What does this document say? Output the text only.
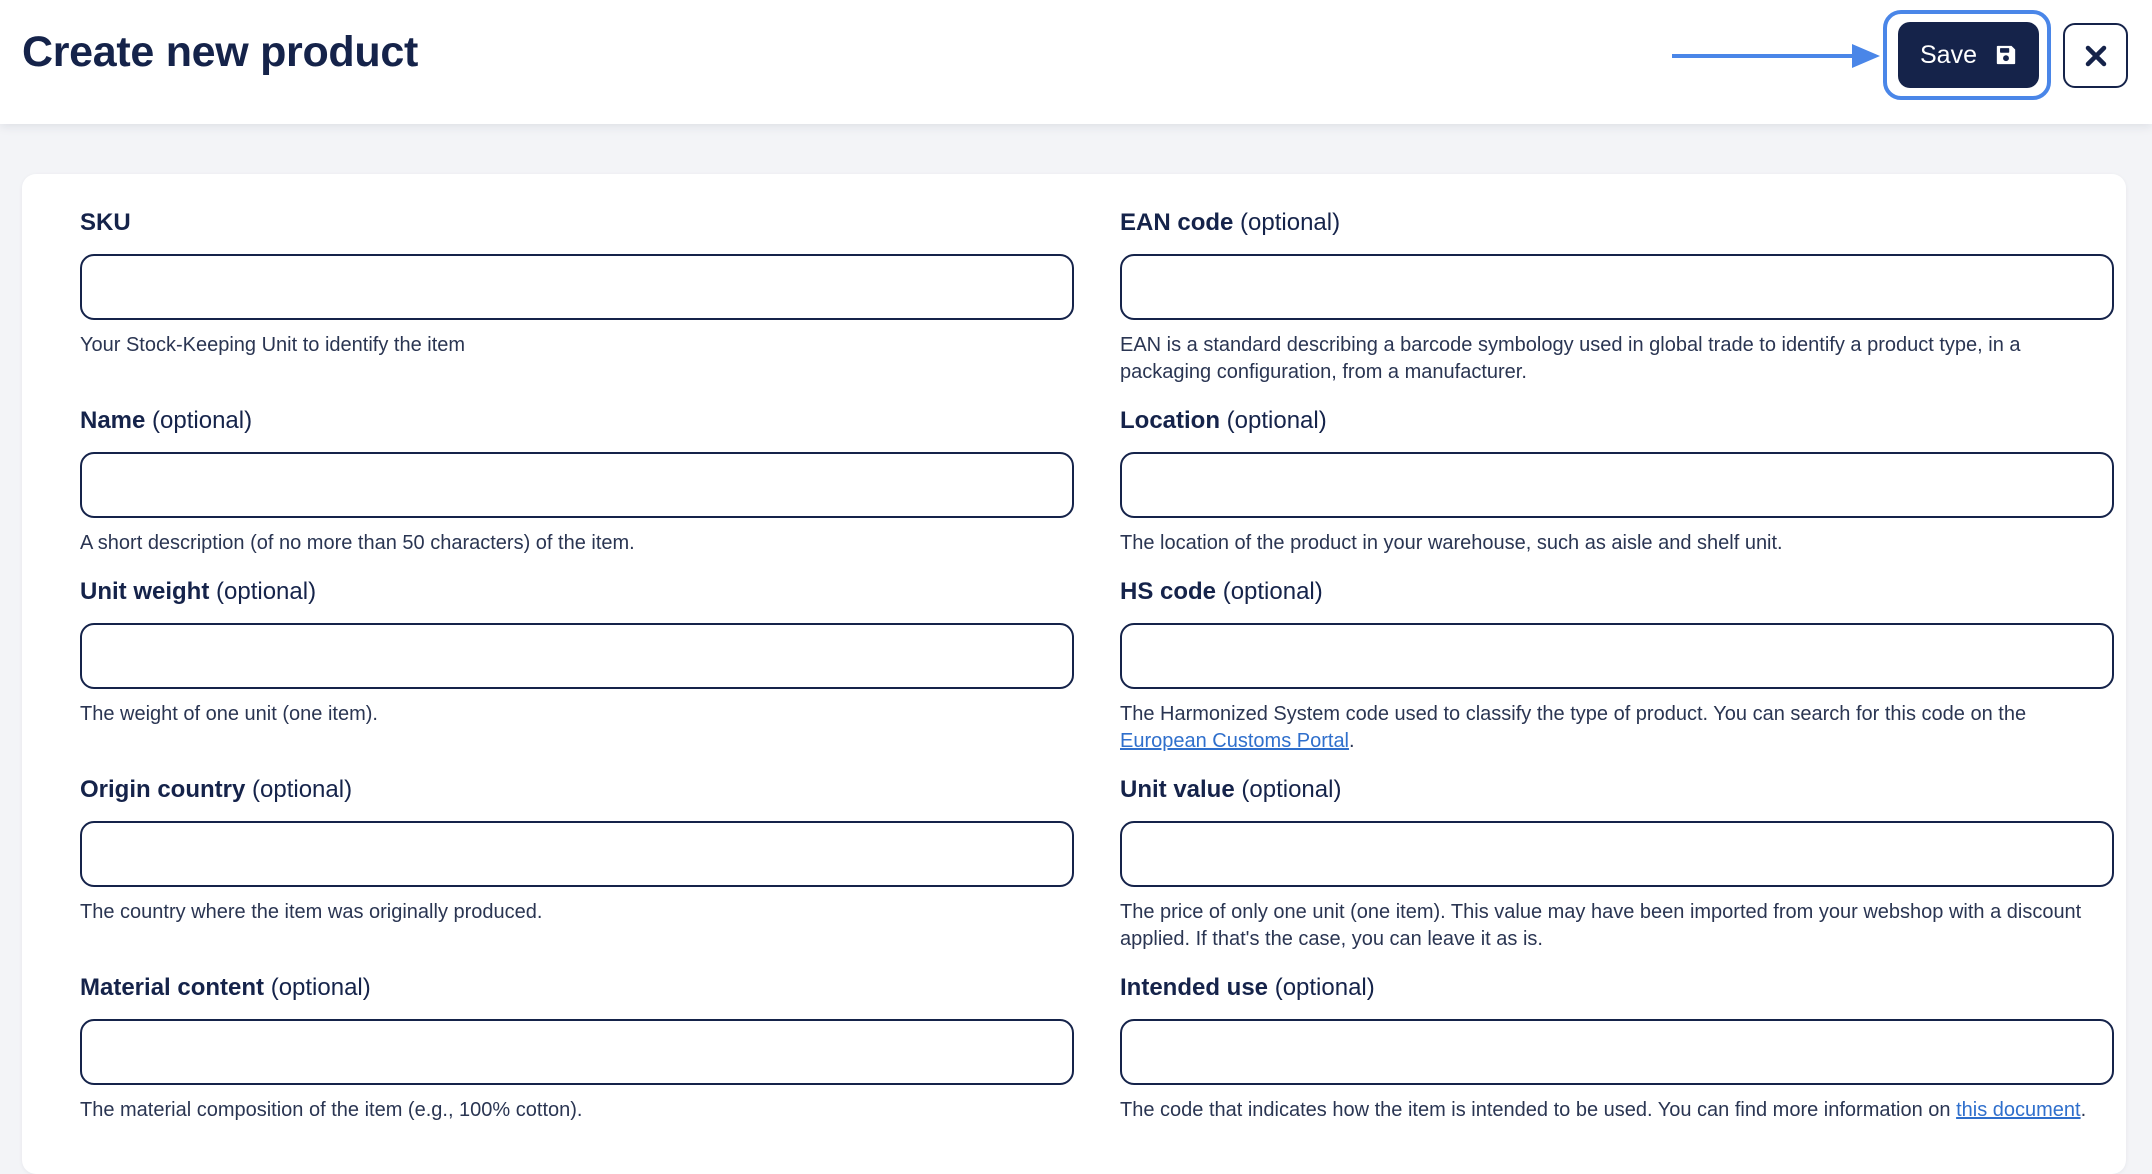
Create new product	Save
SKU

Your Stock-Keeping Unit to identify the item

EAN code (optional)

EAN is a standard describing a barcode symbology used in global trade to identify a product type, in a packaging configuration, from a manufacturer.

Name (optional)

A short description (of no more than 50 characters) of the item.

Location (optional)

The location of the product in your warehouse, such as aisle and shelf unit.

Unit weight (optional)

The weight of one unit (one item).

HS code (optional)

The Harmonized System code used to classify the type of product. You can search for this code on the European Customs Portal.

Origin country (optional)

The country where the item was originally produced.

Unit value (optional)

The price of only one unit (one item). This value may have been imported from your webshop with a discount applied. If that's the case, you can leave it as is.

Material content (optional)

The material composition of the item (e.g., 100% cotton).

Intended use (optional)

The code that indicates how the item is intended to be used. You can find more information on this document.
